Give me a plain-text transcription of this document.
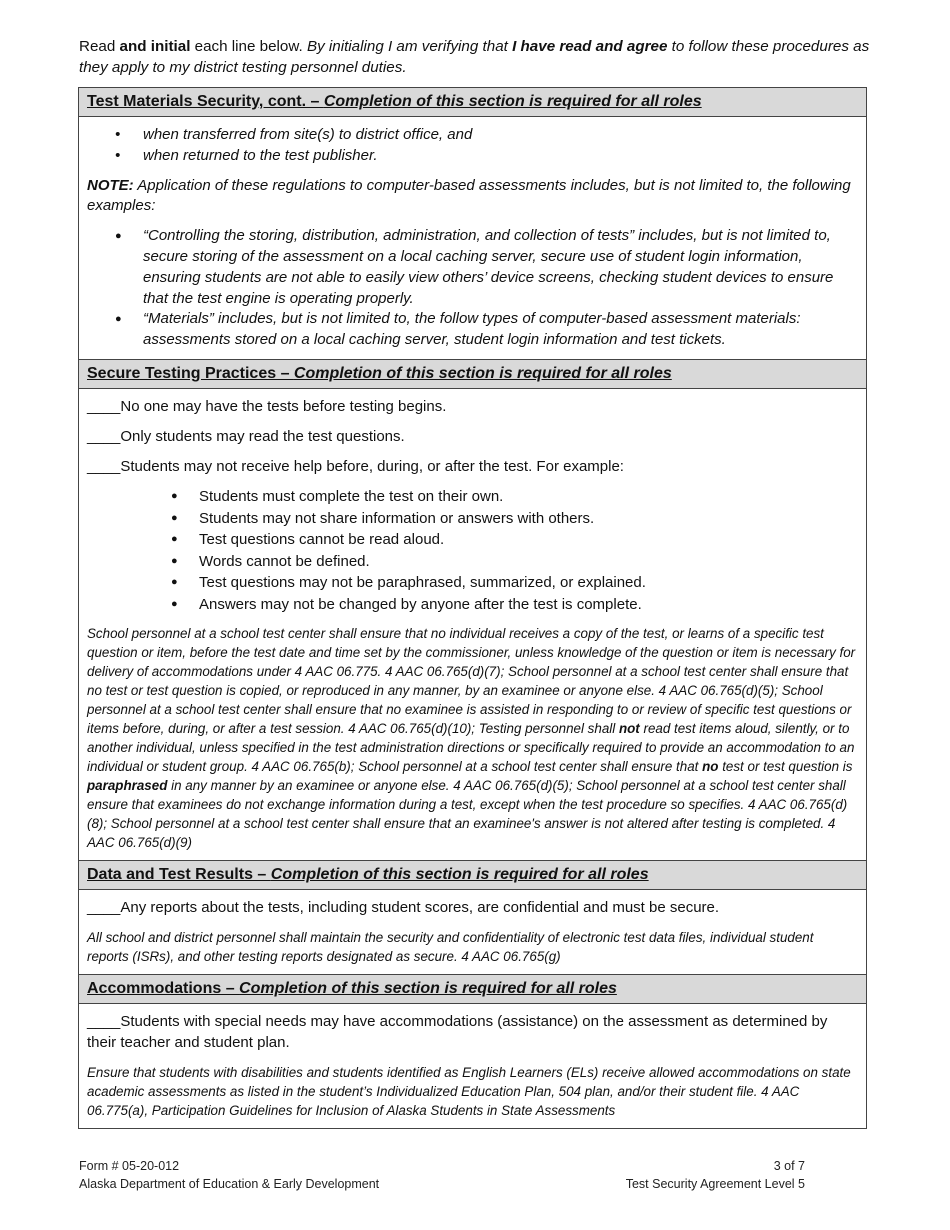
Read and initial each line below. By initialing I am verifying that I have read and agree to follow these procedures as they apply to my district testing personnel duties.
Test Materials Security, cont. – Completion of this section is required for all roles
• when transferred from site(s) to district office, and
• when returned to the test publisher.

NOTE: Application of these regulations to computer-based assessments includes, but is not limited to, the following examples:

● “Controlling the storing, distribution, administration, and collection of tests” includes, but is not limited to, secure storing of the assessment on a local caching server, secure use of student login information, ensuring students are not able to easily view others’ device screens, checking student devices to ensure that the test engine is operating properly.
● “Materials” includes, but is not limited to, the follow types of computer-based assessment materials: assessments stored on a local caching server, student login information and test tickets.
Secure Testing Practices – Completion of this section is required for all roles

____No one may have the tests before testing begins.

____Only students may read the test questions.

____Students may not receive help before, during, or after the test. For example:

● Students must complete the test on their own.
● Students may not share information or answers with others.
● Test questions cannot be read aloud.
● Words cannot be defined.
● Test questions may not be paraphrased, summarized, or explained.
● Answers may not be changed by anyone after the test is complete.

School personnel at a school test center shall ensure that no individual receives a copy of the test, or learns of a specific test question or item, before the test date and time set by the commissioner, unless knowledge of the question or item is necessary for delivery of accommodations under 4 AAC 06.775. 4 AAC 06.765(d)(7); School personnel at a school test center shall ensure that no test or test question is copied, or reproduced in any manner, by an examinee or anyone else. 4 AAC 06.765(d)(5); School personnel at a school test center shall ensure that no examinee is assisted in responding to or review of specific test questions or items before, during, or after a test session. 4 AAC 06.765(d)(10); Testing personnel shall not read test items aloud, silently, or to another individual, unless specified in the test administration directions or specifically required to provide an accommodation to an individual or student group. 4 AAC 06.765(b); School personnel at a school test center shall ensure that no test or test question is paraphrased in any manner by an examinee or anyone else. 4 AAC 06.765(d)(5); School personnel at a school test center shall ensure that examinees do not exchange information during a test, except when the test procedure so specifies. 4 AAC 06.765(d)(8); School personnel at a school test center shall ensure that an examinee's answer is not altered after testing is completed. 4 AAC 06.765(d)(9)

Data and Test Results – Completion of this section is required for all roles

____Any reports about the tests, including student scores, are confidential and must be secure.

All school and district personnel shall maintain the security and confidentiality of electronic test data files, individual student reports (ISRs), and other testing reports designated as secure. 4 AAC 06.765(g)

Accommodations – Completion of this section is required for all roles

____Students with special needs may have accommodations (assistance) on the assessment as determined by their teacher and student plan.

Ensure that students with disabilities and students identified as English Learners (ELs) receive allowed accommodations on state academic assessments as listed in the student’s Individualized Education Plan, 504 plan, and/or their student file. 4 AAC 06.775(a), Participation Guidelines for Inclusion of Alaska Students in State Assessments

Form # 05-20-012
Alaska Department of Education & Early Development
3 of 7
Test Security Agreement Level 5
